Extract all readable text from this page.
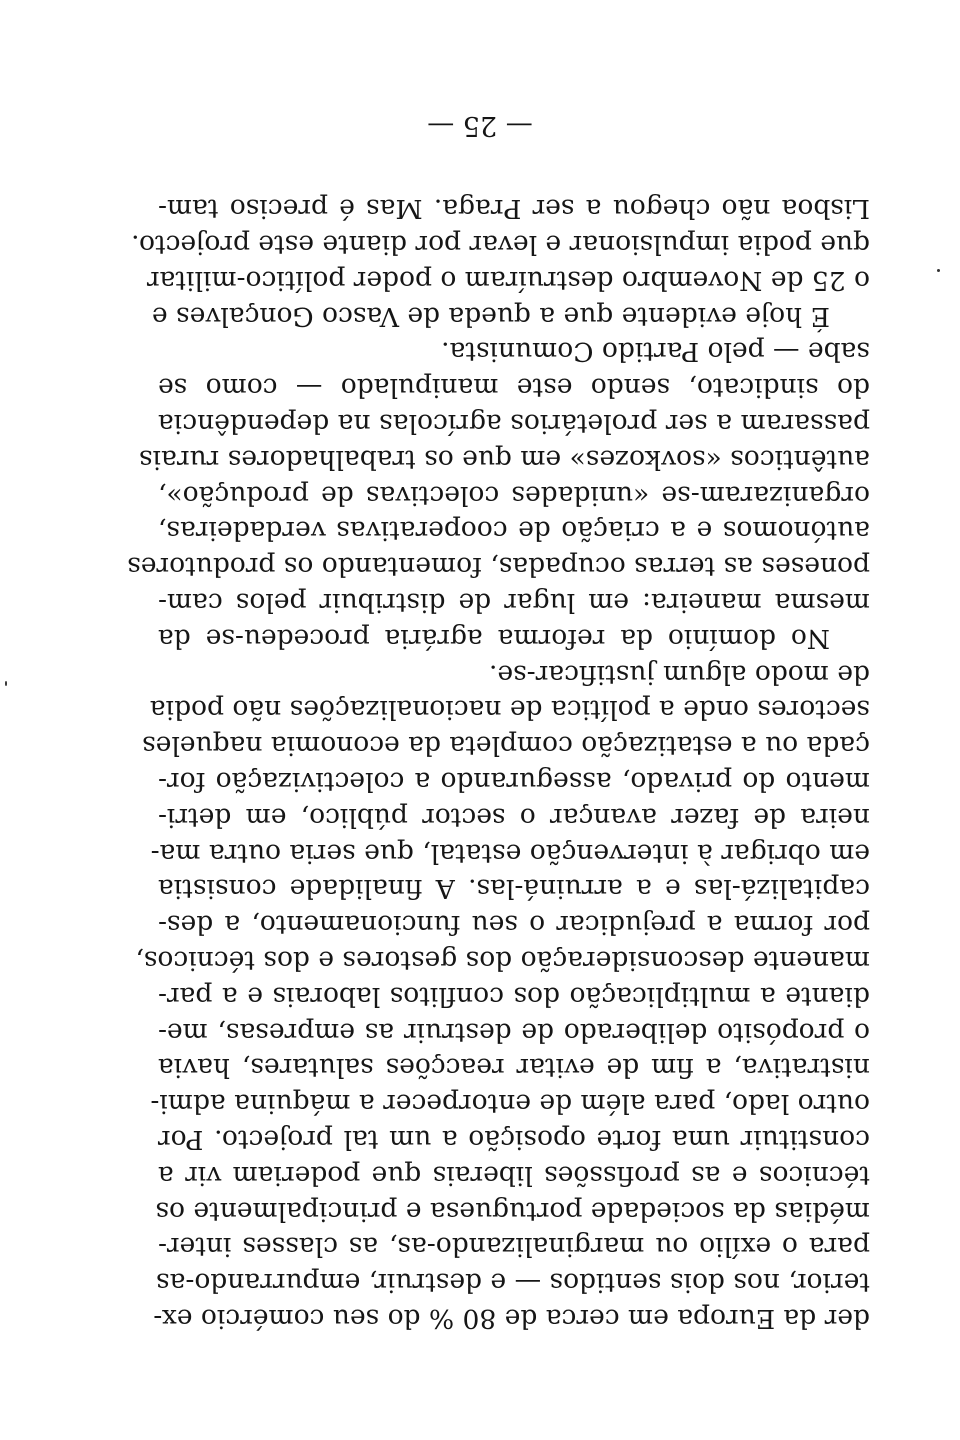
der da Europa em cerca de 80 % do seu comércio ex-
terior, nos dois sentidos — e destruir, empurrando-as
para o exílio ou marginalizando-as, as classes inter-
médias da sociedade portuguesa e principalmente os
técnicos e as profissões liberais que poderiam vir a
constituir uma forte oposição a um tal projecto. Por
outro lado, para além de entorpecer a máquina admi-
nistrativa, a fim de evitar reacções salutares, havia
o propósito deliberado de destruir as empresas, me-
diante a multiplicação dos conflitos laborais e a par-
manente desconsideração dos gestores e dos técnicos,
por forma a prejudicar o seu funcionamento, a des-
capitalizá-las e a arruiná-las. A finalidade consistia
em obrigar à intervenção estatal, que seria outra ma-
neira de fazer avançar o sector público, em detri-
mento do privado, assegurando a colectivização for-
çada ou a estatização completa da economia naqueles
sectores onde a política de nacionalizações não podia
de modo algum justificar-se.
No domínio da reforma agrária procedeu-se da
mesma maneira: em lugar de distribuir pelos cam-
poneses as terras ocupadas, fomentando os produtores
autónomos e a criação de cooperativas verdadeiras,
organizaram-se «unidades colectivas de produção»,
autênticos «sovkozes» em que os trabalhadores rurais
passaram a ser proletários agrícolas na dependência
do sindicato, sendo este manipulado — como se
sabe — pelo Partido Comunista.
É hoje evidente que a queda de Vasco Gonçalves e
o 25 de Novembro destruíram o poder político-militar
que podia impulsionar e levar por diante este projecto.
Lisboa não chegou a ser Praga. Mas é preciso tam-

— 25 —
